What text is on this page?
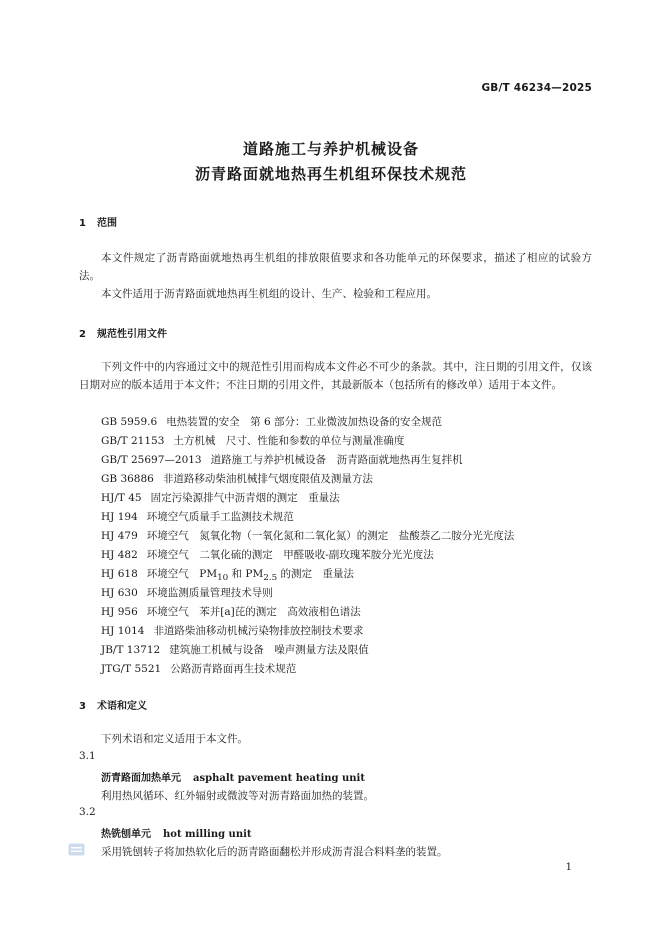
GB/T 46234—2025
道路施工与养护机械设备
沥青路面就地热再生机组环保技术规范
1 范围
本文件规定了沥青路面就地热再生机组的排放限值要求和各功能单元的环保要求，描述了相应的试验方法。
本文件适用于沥青路面就地热再生机组的设计、生产、检验和工程应用。
2 规范性引用文件
下列文件中的内容通过文中的规范性引用而构成本文件必不可少的条款。其中，注日期的引用文件，仅该日期对应的版本适用于本文件；不注日期的引用文件，其最新版本（包括所有的修改单）适用于本文件。
GB 5959.6 电热装置的安全　第 6 部分：工业微波加热设备的安全规范
GB/T 21153 土方机械　尺寸、性能和参数的单位与测量准确度
GB/T 25697—2013 道路施工与养护机械设备　沥青路面就地热再生复拌机
GB 36886 非道路移动柴油机械排气烟度限值及测量方法
HJ/T 45 固定污染源排气中沥青烟的测定　重量法
HJ 194 环境空气质量手工监测技术规范
HJ 479 环境空气　氮氧化物（一氧化氮和二氧化氮）的测定　盐酸萘乙二胺分光光度法
HJ 482 环境空气　二氧化硫的测定　甲醛吸收-副玫瑰苯胺分光光度法
HJ 618 环境空气　$PM_{10}$ 和 $PM_{2.5}$ 的测定　重量法
HJ 630 环境监测质量管理技术导则
HJ 956 环境空气　苯并[a]芘的测定　高效液相色谱法
HJ 1014 非道路柴油移动机械污染物排放控制技术要求
JB/T 13712 建筑施工机械与设备　噪声测量方法及限值
JTG/T 5521 公路沥青路面再生技术规范
3 术语和定义
下列术语和定义适用于本文件。
3.1
沥青路面加热单元 asphalt pavement heating unit
利用热风循环、红外辐射或微波等对沥青路面加热的装置。
3.2
热铣刨单元 hot milling unit
采用铣刨转子将加热软化后的沥青路面翻松并形成沥青混合料料垄的装置。
1
